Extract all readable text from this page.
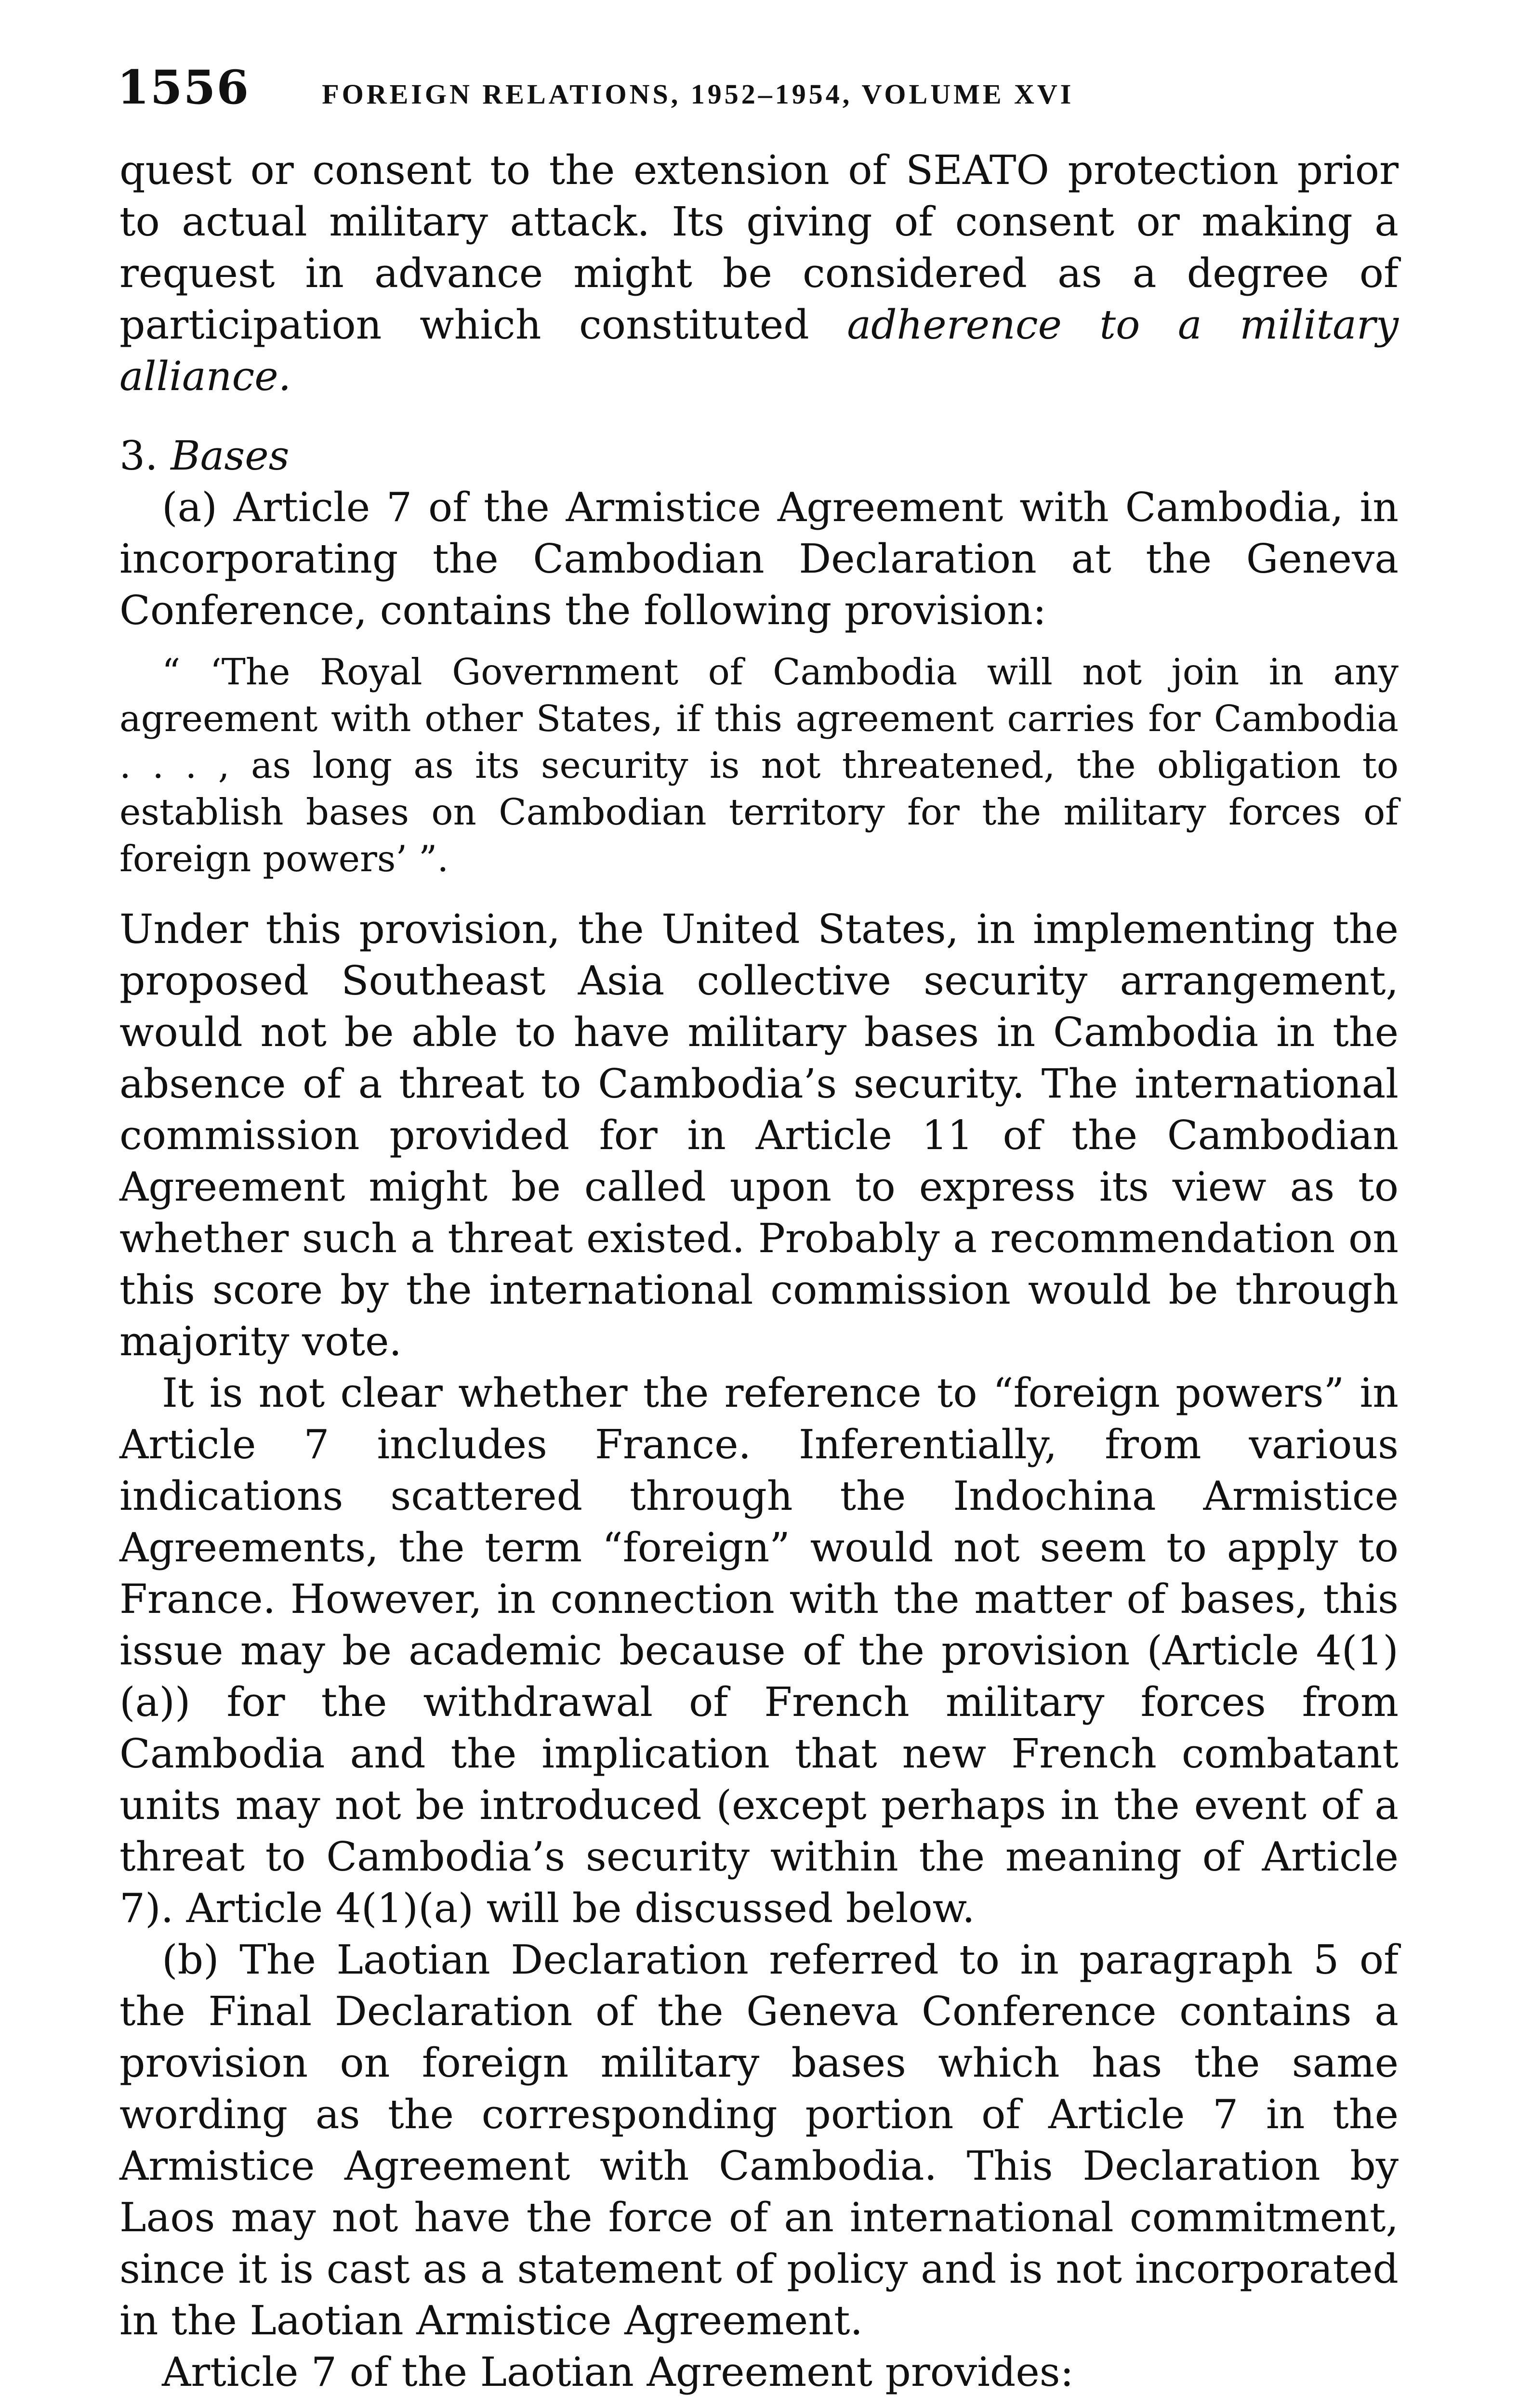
1556	FOREIGN RELATIONS, 1952–1954, VOLUME XVI

quest or consent to the extension of SEATO protection prior to actual military attack. Its giving of consent or making a request in advance might be considered as a degree of participation which constituted adherence to a military alliance.

3. Bases

(a) Article 7 of the Armistice Agreement with Cambodia, in incorporating the Cambodian Declaration at the Geneva Conference, contains the following provision:

“ ‘The Royal Government of Cambodia will not join in any agreement with other States, if this agreement carries for Cambodia . . . , as long as its security is not threatened, the obligation to establish bases on Cambodian territory for the military forces of foreign powers’ ”.

Under this provision, the United States, in implementing the proposed Southeast Asia collective security arrangement, would not be able to have military bases in Cambodia in the absence of a threat to Cambodia’s security. The international commission provided for in Article 11 of the Cambodian Agreement might be called upon to express its view as to whether such a threat existed. Probably a recommendation on this score by the international commission would be through majority vote.

It is not clear whether the reference to “foreign powers” in Article 7 includes France. Inferentially, from various indications scattered through the Indochina Armistice Agreements, the term “foreign” would not seem to apply to France. However, in connection with the matter of bases, this issue may be academic because of the provision (Article 4(1)(a)) for the withdrawal of French military forces from Cambodia and the implication that new French combatant units may not be introduced (except perhaps in the event of a threat to Cambodia’s security within the meaning of Article 7). Article 4(1)(a) will be discussed below.

(b) The Laotian Declaration referred to in paragraph 5 of the Final Declaration of the Geneva Conference contains a provision on foreign military bases which has the same wording as the corresponding portion of Article 7 in the Armistice Agreement with Cambodia. This Declaration by Laos may not have the force of an international commitment, since it is cast as a statement of policy and is not incorporated in the Laotian Armistice Agreement.

Article 7 of the Laotian Agreement provides:
